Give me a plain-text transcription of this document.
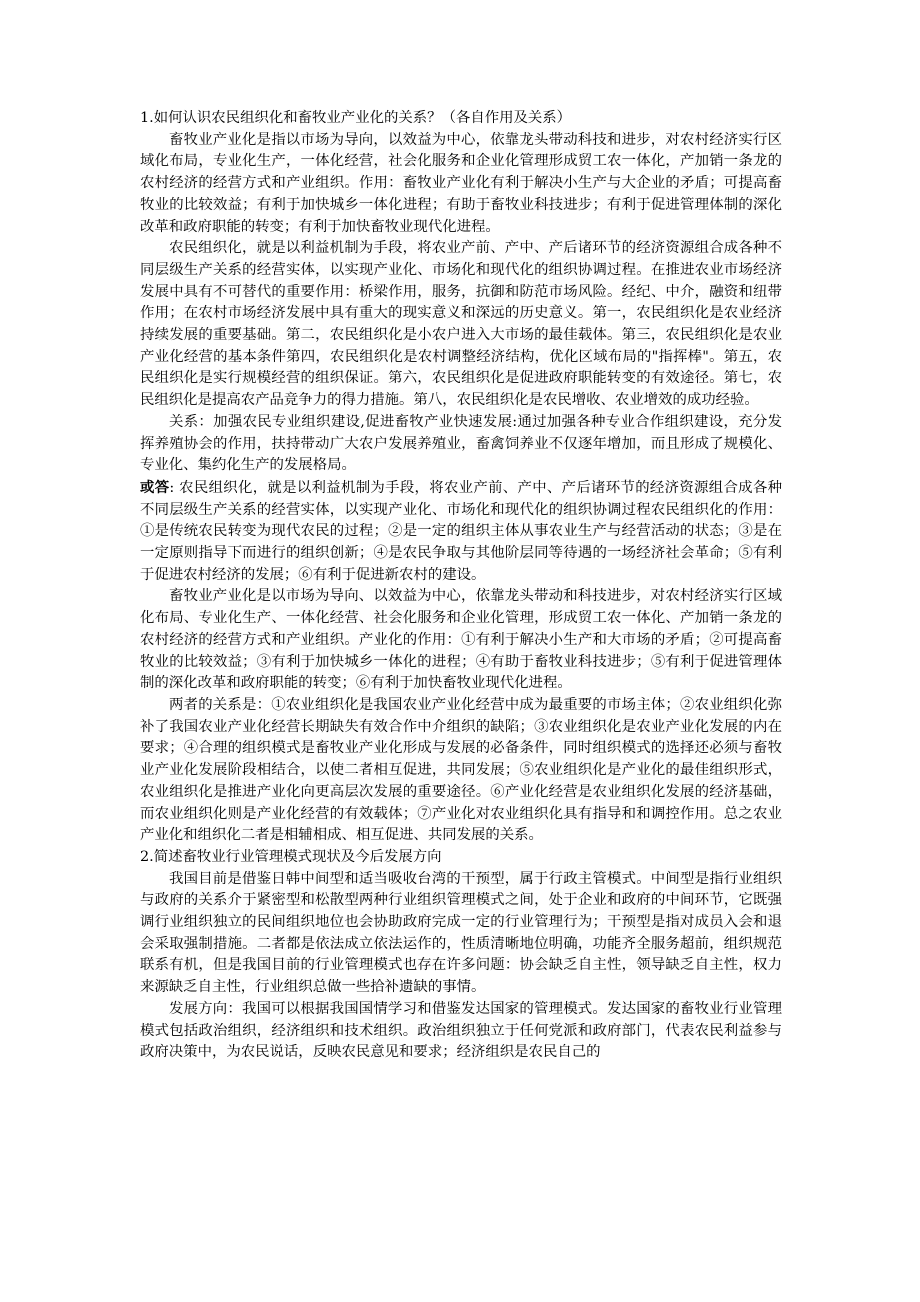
1.如何认识农民组织化和畜牧业产业化的关系？（各自作用及关系）

畜牧业产业化是指以市场为导向，以效益为中心，依靠龙头带动科技和进步，对农村经济实行区域化布局，专业化生产，一体化经营，社会化服务和企业化管理形成贸工农一体化，产加销一条龙的农村经济的经营方式和产业组织。作用：畜牧业产业化有利于解决小生产与大企业的矛盾；可提高畜牧业的比较效益；有利于加快城乡一体化进程；有助于畜牧业科技进步；有利于促进管理体制的深化改革和政府职能的转变；有利于加快畜牧业现代化进程。

农民组织化，就是以利益机制为手段，将农业产前、产中、产后诸环节的经济资源组合成各种不同层级生产关系的经营实体，以实现产业化、市场化和现代化的组织协调过程。在推进农业市场经济发展中具有不可替代的重要作用：桥梁作用，服务，抗御和防范市场风险。经纪、中介，融资和纽带作用；在农村市场经济发展中具有重大的现实意义和深远的历史意义。第一，农民组织化是农业经济持续发展的重要基础。第二，农民组织化是小农户进入大市场的最佳载体。第三，农民组织化是农业产业化经营的基本条件第四，农民组织化是农村调整经济结构，优化区域布局的"指挥棒"。第五，农民组织化是实行规模经营的组织保证。第六，农民组织化是促进政府职能转变的有效途径。第七，农民组织化是提高农产品竞争力的得力措施。第八，农民组织化是农民增收、农业增效的成功经验。

关系：加强农民专业组织建设,促进畜牧产业快速发展:通过加强各种专业合作组织建设，充分发挥养殖协会的作用，扶持带动广大农户发展养殖业，畜禽饲养业不仅逐年增加，而且形成了规模化、专业化、集约化生产的发展格局。

或答: 农民组织化，就是以利益机制为手段，将农业产前、产中、产后诸环节的经济资源组合成各种不同层级生产关系的经营实体，以实现产业化、市场化和现代化的组织协调过程农民组织化的作用：①是传统农民转变为现代农民的过程；②是一定的组织主体从事农业生产与经营活动的状态；③是在一定原则指导下而进行的组织创新；④是农民争取与其他阶层同等待遇的一场经济社会革命；⑤有利于促进农村经济的发展；⑥有利于促进新农村的建设。

畜牧业产业化是以市场为导向、以效益为中心，依靠龙头带动和科技进步，对农村经济实行区域化布局、专业化生产、一体化经营、社会化服务和企业化管理，形成贸工农一体化、产加销一条龙的农村经济的经营方式和产业组织。产业化的作用：①有利于解决小生产和大市场的矛盾；②可提高畜牧业的比较效益；③有利于加快城乡一体化的进程；④有助于畜牧业科技进步；⑤有利于促进管理体制的深化改革和政府职能的转变；⑥有利于加快畜牧业现代化进程。

两者的关系是：①农业组织化是我国农业产业化经营中成为最重要的市场主体；②农业组织化弥补了我国农业产业化经营长期缺失有效合作中介组织的缺陷；③农业组织化是农业产业化发展的内在要求；④合理的组织模式是畜牧业产业化形成与发展的必备条件，同时组织模式的选择还必须与畜牧业产业化发展阶段相结合，以使二者相互促进，共同发展；⑤农业组织化是产业化的最佳组织形式，农业组织化是推进产业化向更高层次发展的重要途径。⑥产业化经营是农业组织化发展的经济基础，而农业组织化则是产业化经营的有效载体；⑦产业化对农业组织化具有指导和和调控作用。总之农业产业化和组织化二者是相辅相成、相互促进、共同发展的关系。

2.简述畜牧业行业管理模式现状及今后发展方向

我国目前是借鉴日韩中间型和适当吸收台湾的干预型，属于行政主管模式。中间型是指行业组织与政府的关系介于紧密型和松散型两种行业组织管理模式之间，处于企业和政府的中间环节，它既强调行业组织独立的民间组织地位也会协助政府完成一定的行业管理行为；干预型是指对成员入会和退会采取强制措施。二者都是依法成立依法运作的，性质清晰地位明确，功能齐全服务超前，组织规范联系有机，但是我国目前的行业管理模式也存在许多问题：协会缺乏自主性，领导缺乏自主性，权力来源缺乏自主性，行业组织总做一些拾补遗缺的事情。

发展方向：我国可以根据我国国情学习和借鉴发达国家的管理模式。发达国家的畜牧业行业管理模式包括政治组织，经济组织和技术组织。政治组织独立于任何党派和政府部门，代表农民利益参与政府决策中，为农民说话，反映农民意见和要求；经济组织是农民自己的
